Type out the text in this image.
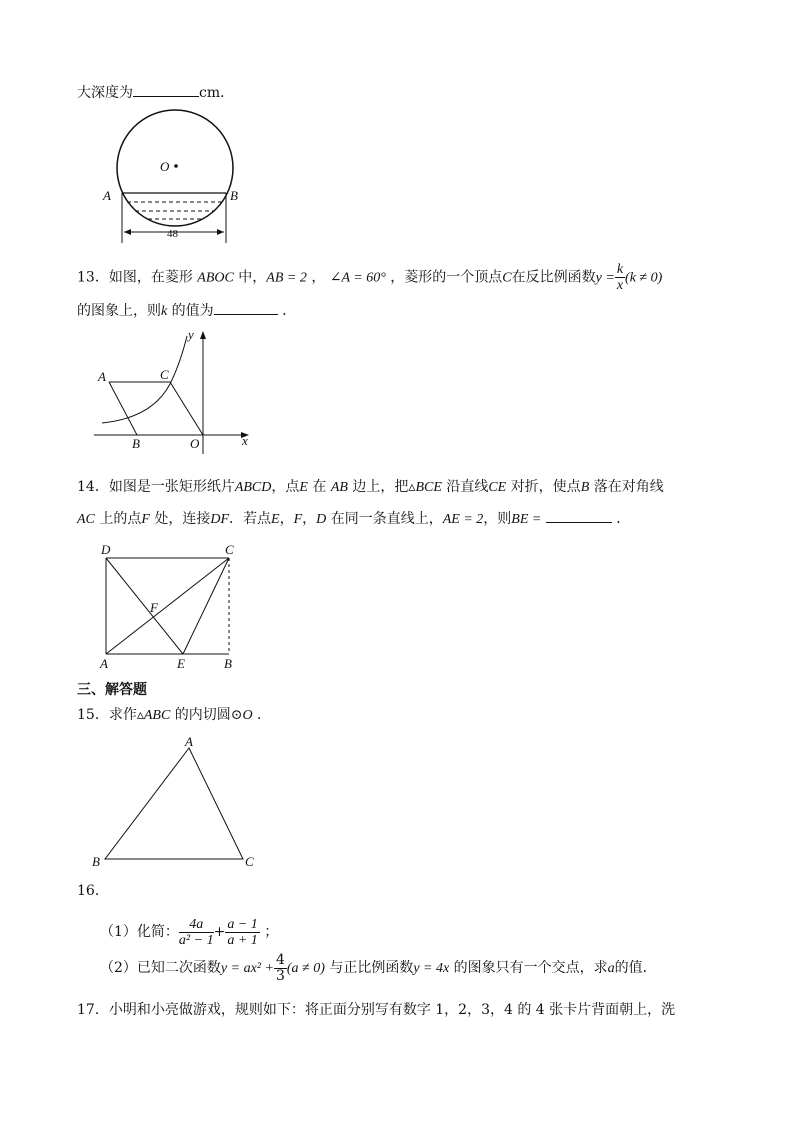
大深度为	cm．
O
A	B
48
13．如图，在菱形 ABOC 中，AB = 2 ， ∠A = 60° ，菱形的一个顶点C在反比例函数$y = \frac{k}{x} (k \ne 0)$
的图象上，则k 的值为	．
x
y
A	C
B	O
14．如图是一张矩形纸片ABCD，点E 在 AB 边上，把▵BCE 沿直线CE 对折，使点B 落在对角线
AC 上的点F 处，连接DF．若点E，F，D 在同一条直线上，AE = 2，则BE =	．
D	C
F
A	E	B
三、解答题
15．求作▵ABC 的内切圆⊙O ．
A
B	C
16．
（1）化简： $\frac{4a}{\text{a² − 1}} + \frac{a - 1}{a + 1}$ ；
（2）已知二次函数$y = ax^2 + \frac{4}{3} (a \ne 0)$ 与正比例函数y = 4x 的图象只有一个交点，求a的值．
17．小明和小亮做游戏，规则如下：将正面分别写有数字 1，2，3，4 的 4 张卡片背面朝上，洗
